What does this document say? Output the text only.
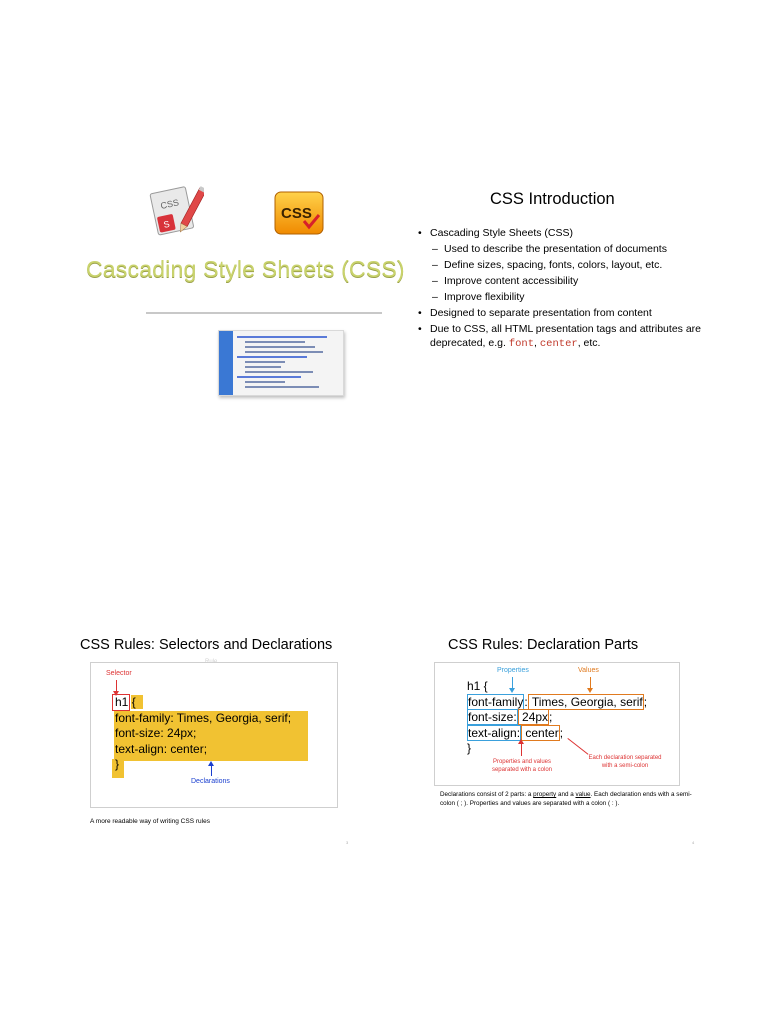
CSS
S
CSS
Cascading Style Sheets (CSS)
CSS Introduction
• Cascading Style Sheets (CSS)
– Used to describe the presentation of documents
– Define sizes, spacing, fonts, colors, layout, etc.
– Improve content accessibility
– Improve flexibility
• Designed to separate presentation from content
• Due to CSS, all HTML presentation tags and attributes are deprecated, e.g. font, center, etc.
CSS Rules: Selectors and Declarations
Rule
Selector
h1 {
font-family: Times, Georgia, serif;
font-size: 24px;
text-align: center;
}
Declarations
A more readable way of writing CSS rules
3
CSS Rules: Declaration Parts
Properties	Values
h1 {
font-family: Times, Georgia, serif;
font-size: 24px;
text-align: center;
}
Properties and values separated with a colon
Each declaration separated with a semi-colon
Declarations consist of 2 parts: a property and a value. Each declaration ends with a semi-colon ( ; ). Properties and values are separated with a colon ( : ).
4
